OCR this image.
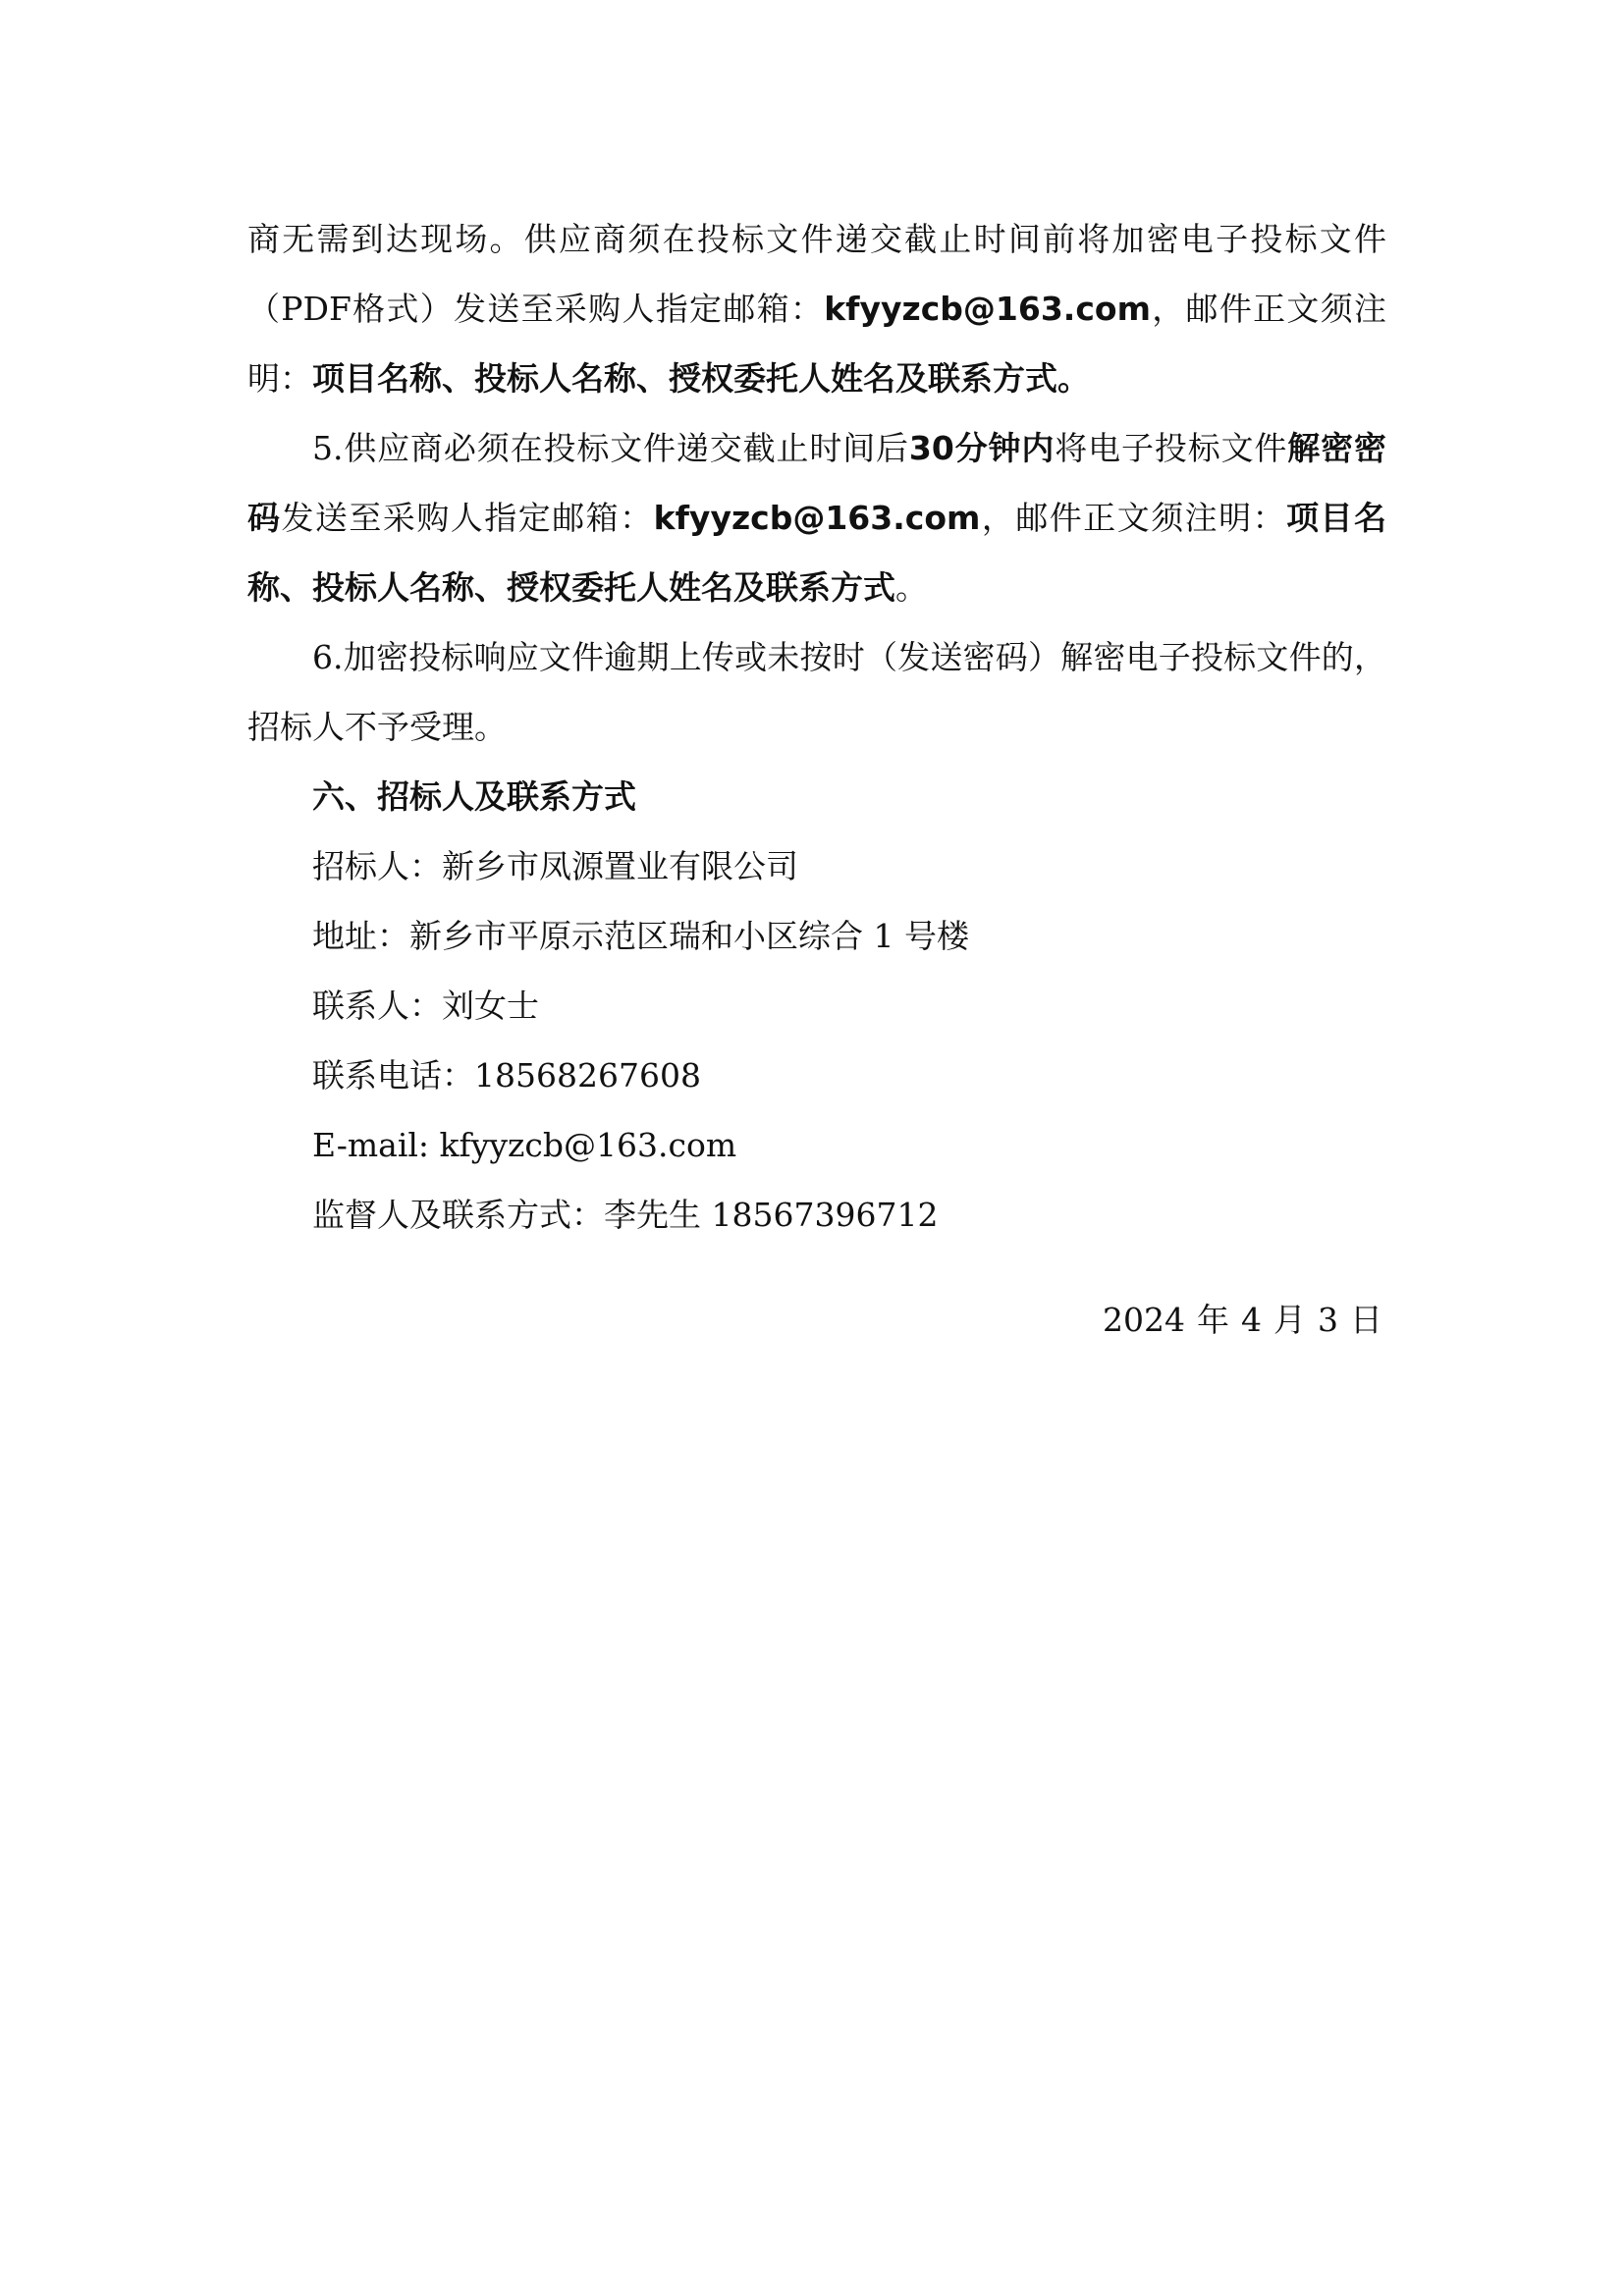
商无需到达现场。供应商须在投标文件递交截止时间前将加密电子投标文件（PDF格式）发送至采购人指定邮箱：kfyyzcb@163.com，邮件正文须注明：项目名称、投标人名称、授权委托人姓名及联系方式。

5.供应商必须在投标文件递交截止时间后30分钟内将电子投标文件解密密码发送至采购人指定邮箱：kfyyzcb@163.com，邮件正文须注明：项目名称、投标人名称、授权委托人姓名及联系方式。

6.加密投标响应文件逾期上传或未按时（发送密码）解密电子投标文件的，招标人不予受理。

六、招标人及联系方式

招标人：新乡市凤源置业有限公司

地址：新乡市平原示范区瑞和小区综合 1 号楼

联系人：刘女士

联系电话：18568267608

E-mail: kfyyzcb@163.com

监督人及联系方式：李先生 18567396712

2024 年 4 月 3 日
